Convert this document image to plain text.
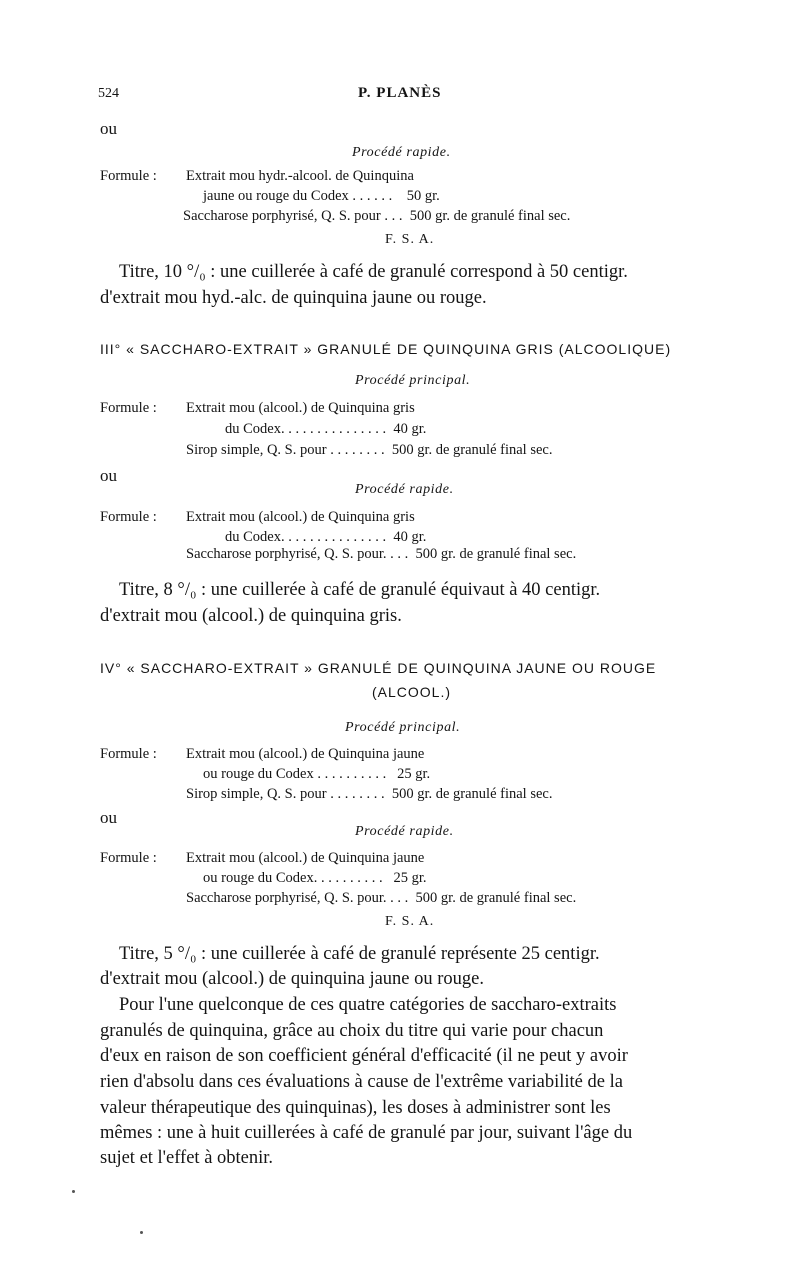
524	P. PLANÈS
ou
Procédé rapide.
Formule : Extrait mou hydr.-alcool. de Quinquina
jaune ou rouge du Codex . . . . . .    50 gr.
Saccharose porphyrisé, Q. S. pour . . .  500 gr. de granulé final sec.
F. S. A.
Titre, 10 °/₀ : une cuillerée à café de granulé correspond à 50 centigr.
d'extrait mou hyd.-alc. de quinquina jaune ou rouge.
III° « SACCHARO-EXTRAIT » GRANULÉ DE QUINQUINA GRIS (ALCOOLIQUE)
Procédé principal.
Formule : Extrait mou (alcool.) de Quinquina gris
du Codex. . . . . . . . . . . . . . .  40 gr.
Sirop simple, Q. S. pour . . . . . . . .  500 gr. de granulé final sec.
ou
Procédé rapide.
Formule : Extrait mou (alcool.) de Quinquina gris
du Codex. . . . . . . . . . . . . . .  40 gr.
Saccharose porphyrisé, Q. S. pour. . . .  500 gr. de granulé final sec.
Titre, 8 °/₀ : une cuillerée à café de granulé équivaut à 40 centigr.
d'extrait mou (alcool.) de quinquina gris.
IV° « SACCHARO-EXTRAIT » GRANULÉ DE QUINQUINA JAUNE OU ROUGE
(ALCOOL.)
Procédé principal.
Formule : Extrait mou (alcool.) de Quinquina jaune
ou rouge du Codex . . . . . . . . . .   25 gr.
Sirop simple, Q. S. pour . . . . . . . .  500 gr. de granulé final sec.
ou
Procédé rapide.
Formule : Extrait mou (alcool.) de Quinquina jaune
ou rouge du Codex. . . . . . . . . .   25 gr.
Saccharose porphyrisé, Q. S. pour. . . .  500 gr. de granulé final sec.
F. S. A.
Titre, 5 °/₀ : une cuillerée à café de granulé représente 25 centigr.
d'extrait mou (alcool.) de quinquina jaune ou rouge.
Pour l'une quelconque de ces quatre catégories de saccharo-extraits
granulés de quinquina, grâce au choix du titre qui varie pour chacun
d'eux en raison de son coefficient général d'efficacité (il ne peut y avoir
rien d'absolu dans ces évaluations à cause de l'extrême variabilité de la
valeur thérapeutique des quinquinas), les doses à administrer sont les
mêmes : une à huit cuillerées à café de granulé par jour, suivant l'âge du
sujet et l'effet à obtenir.
